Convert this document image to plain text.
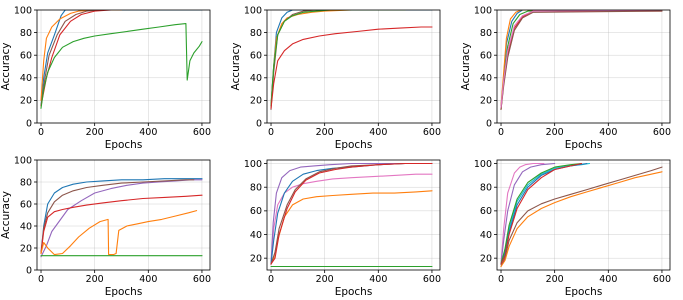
0	200	400	600
0
20
40
60
80
100
Epochs
Accuracy
0	200	400	600
0
20
40
60
80
100
Epochs
Accuracy
0	200	400	600
0
20
40
60
80
100
Epochs
Accuracy
0	200	400	600
0
20
40
60
80
100
Epochs
Accuracy
0	200	400	600
20
40
60
80
100
Epochs
0	200	400	600
20
40
60
80
100
Epochs
